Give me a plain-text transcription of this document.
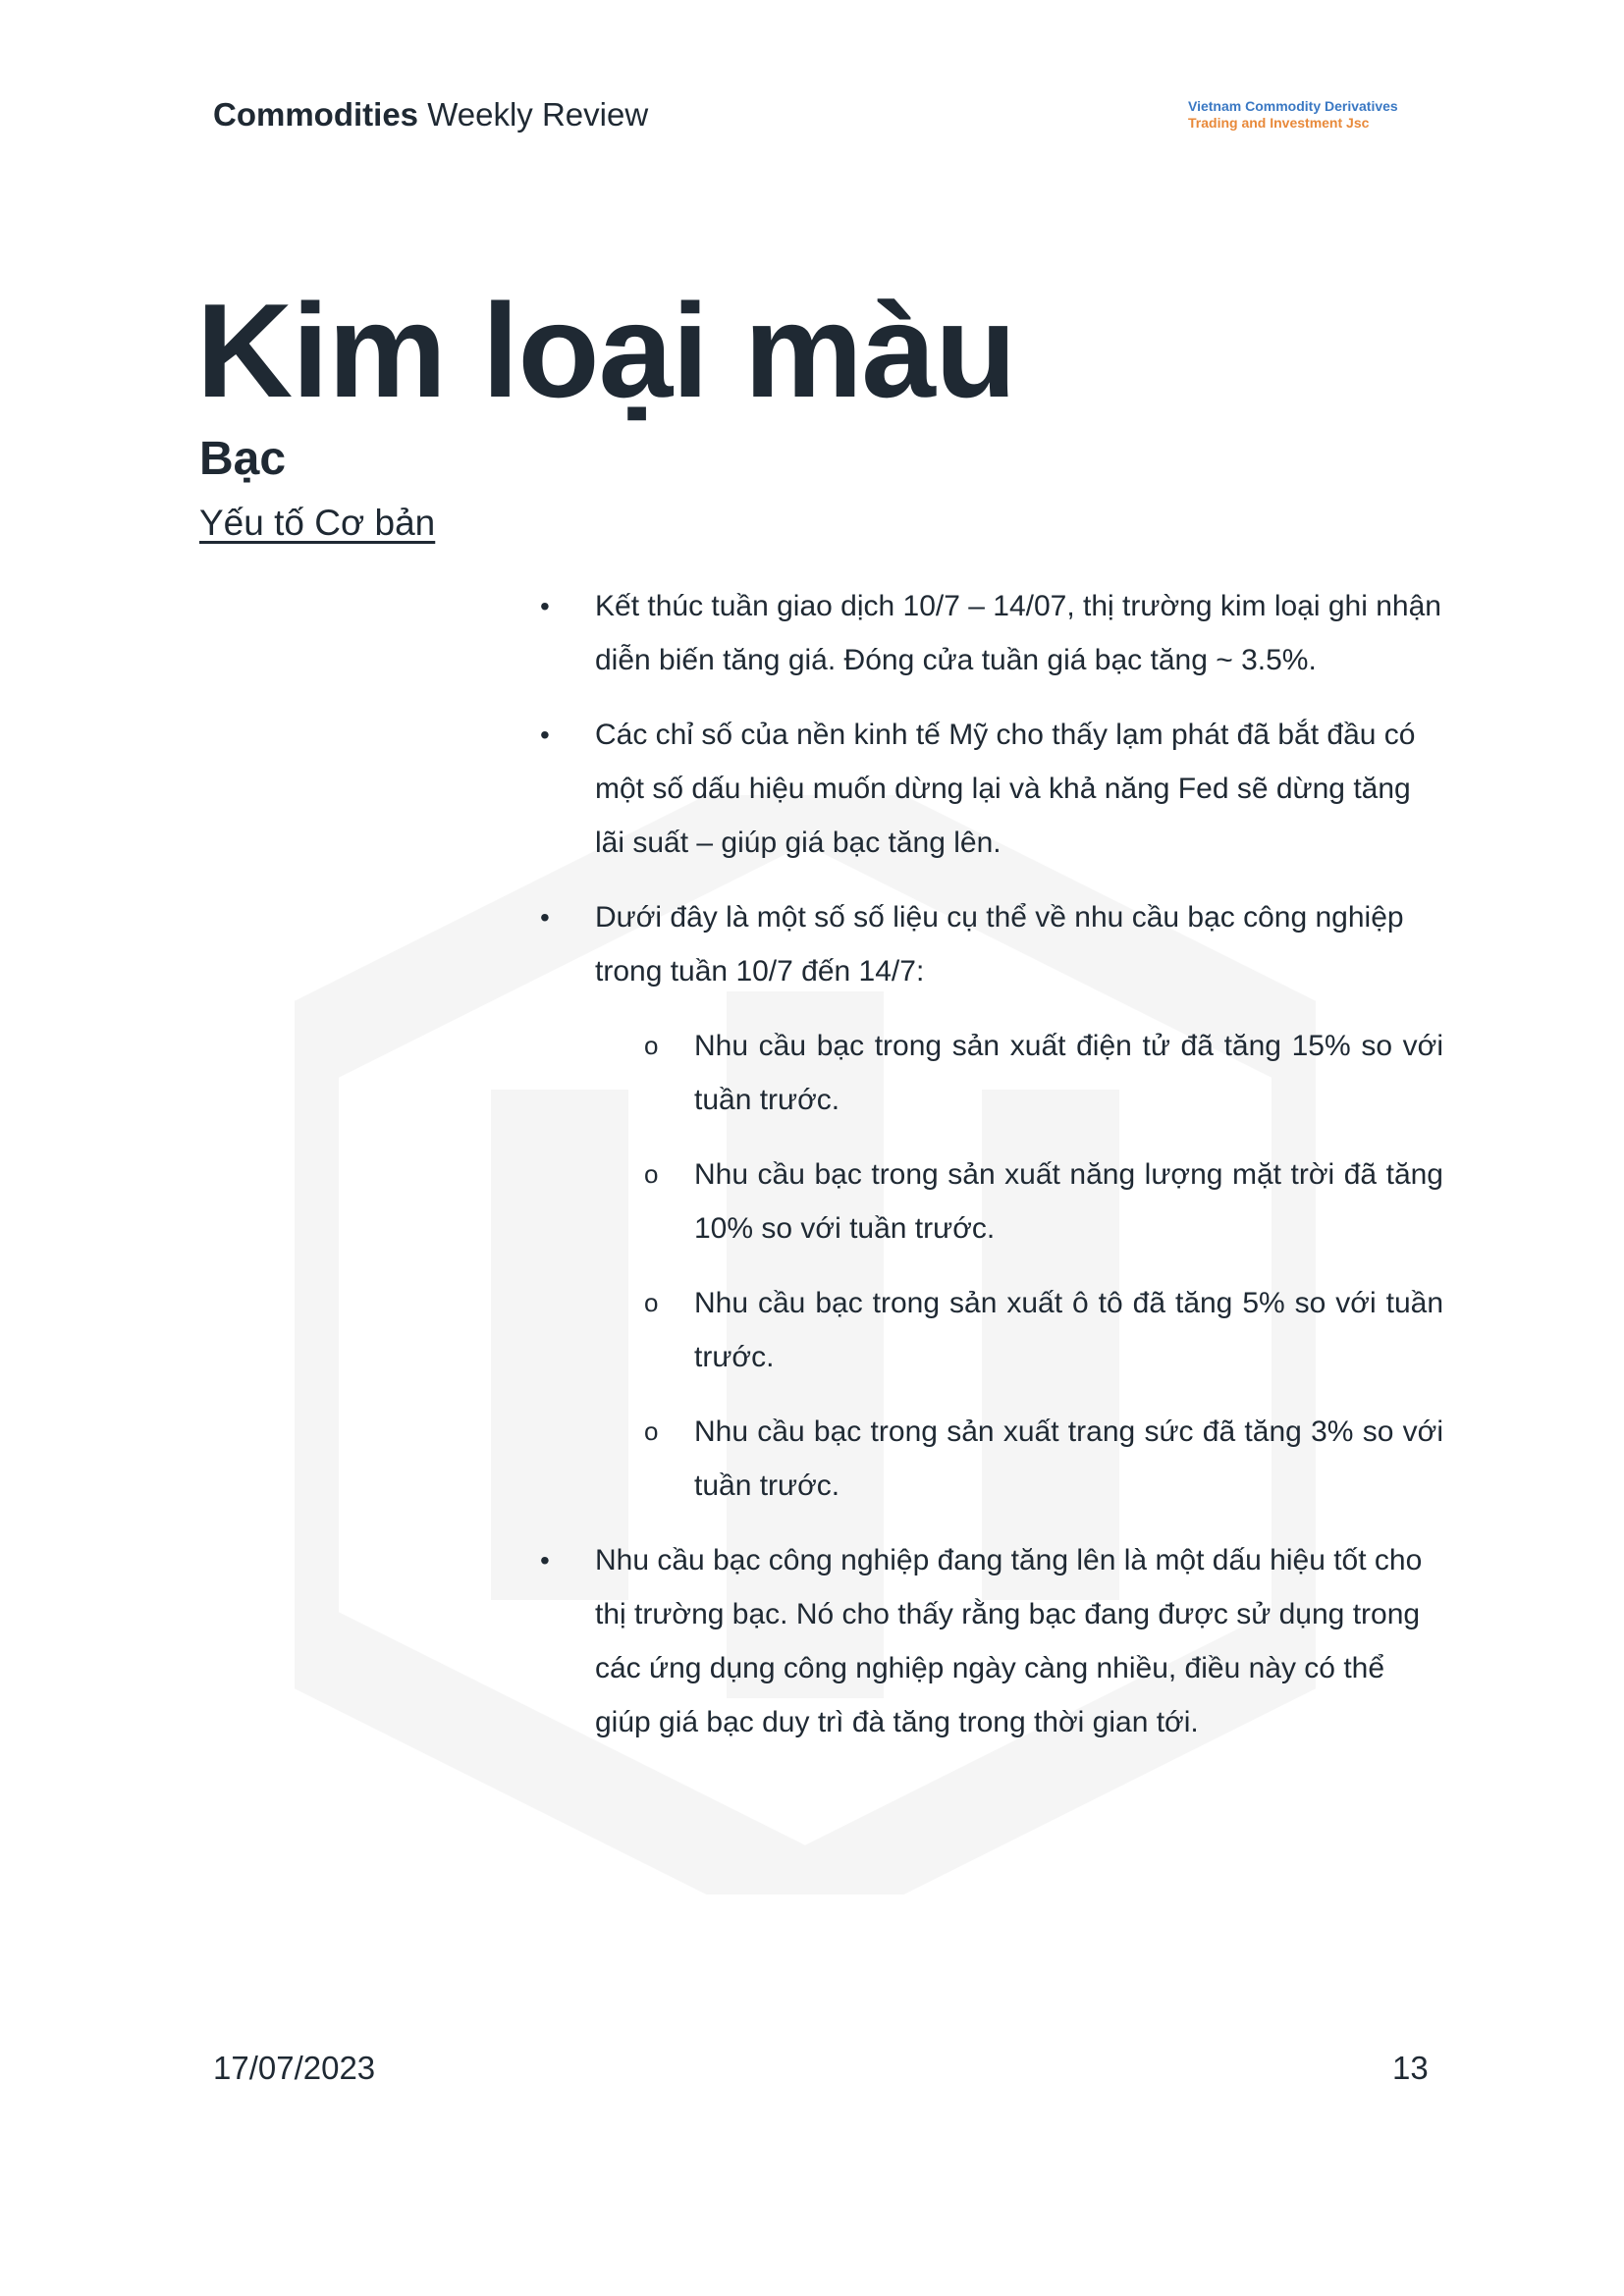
Commodities Weekly Review	Vietnam Commodity Derivatives
Trading and Investment Jsc
Kim loại màu
Bạc
Yếu tố Cơ bản
•	Kết thúc tuần giao dịch 10/7 – 14/07, thị trường kim loại ghi nhận diễn biến tăng giá. Đóng cửa tuần giá bạc tăng ~ 3.5%.
•	Các chỉ số của nền kinh tế Mỹ cho thấy lạm phát đã bắt đầu có một số dấu hiệu muốn dừng lại và khả năng Fed sẽ dừng tăng lãi suất – giúp giá bạc tăng lên.
•	Dưới đây là một số số liệu cụ thể về nhu cầu bạc công nghiệp trong tuần 10/7 đến 14/7:
o Nhu cầu bạc trong sản xuất điện tử đã tăng 15% so với tuần trước.
o Nhu cầu bạc trong sản xuất năng lượng mặt trời đã tăng 10% so với tuần trước.
o Nhu cầu bạc trong sản xuất ô tô đã tăng 5% so với tuần trước.
o Nhu cầu bạc trong sản xuất trang sức đã tăng 3% so với tuần trước.
•	Nhu cầu bạc công nghiệp đang tăng lên là một dấu hiệu tốt cho thị trường bạc. Nó cho thấy rằng bạc đang được sử dụng trong các ứng dụng công nghiệp ngày càng nhiều, điều này có thể giúp giá bạc duy trì đà tăng trong thời gian tới.
17/07/2023	13
